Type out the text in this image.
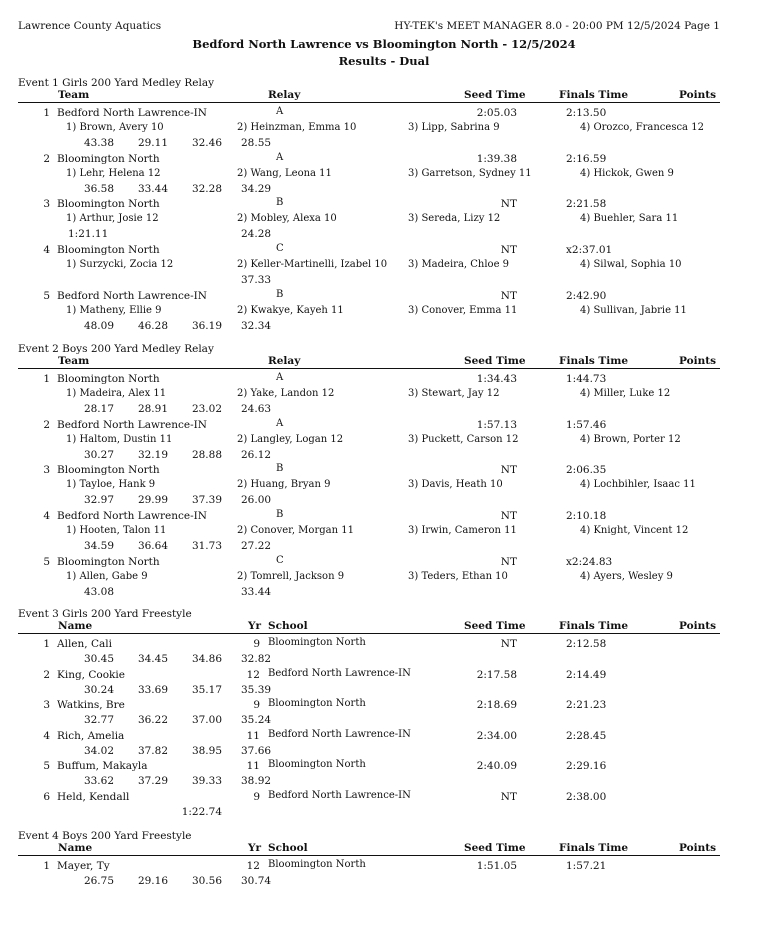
Lawrence County Aquatics	HY-TEK's MEET MANAGER 8.0 - 20:00 PM 12/5/2024 Page 1
Bedford North Lawrence vs Bloomington North - 12/5/2024
Results - Dual
Event 1 Girls 200 Yard Medley Relay
Team	Relay	Seed Time	Finals Time	Points
1 Bedford North Lawrence-IN	A	2:05.03	2:13.50
1) Brown, Avery 10	2) Heinzman, Emma 10	3) Lipp, Sabrina 9	4) Orozco, Francesca 12
43.38	29.11	32.46 28.55
2 Bloomington North	A	1:39.38	2:16.59
1) Lehr, Helena 12	2) Wang, Leona 11	3) Garretson, Sydney 11	4) Hickok, Gwen 9
36.58	33.44	32.28 34.29
3 Bloomington North	B	NT	2:21.58
1) Arthur, Josie 12	2) Mobley, Alexa 10	3) Sereda, Lizy 12	4) Buehler, Sara 11
1:21.11	24.28
4 Bloomington North	C	NT	x2:37.01
1) Surzycki, Zocia 12	2) Keller-Martinelli, Izabel 10 3) Madeira, Chloe 9	4) Silwal, Sophia 10
37.33
5 Bedford North Lawrence-IN	B	NT	2:42.90
1) Matheny, Ellie 9	2) Kwakye, Kayeh 11	3) Conover, Emma 11	4) Sullivan, Jabrie 11
48.09	46.28	36.19 32.34
Event 2 Boys 200 Yard Medley Relay
Team	Relay	Seed Time	Finals Time	Points
1 Bloomington North	A	1:34.43	1:44.73
1) Madeira, Alex 11	2) Yake, Landon 12	3) Stewart, Jay 12	4) Miller, Luke 12
28.17	28.91	23.02 24.63
2 Bedford North Lawrence-IN	A	1:57.13	1:57.46
1) Haltom, Dustin 11	2) Langley, Logan 12	3) Puckett, Carson 12	4) Brown, Porter 12
30.27	32.19	28.88 26.12
3 Bloomington North	B	NT	2:06.35
1) Tayloe, Hank 9	2) Huang, Bryan 9	3) Davis, Heath 10	4) Lochbihler, Isaac 11
32.97	29.99	37.39 26.00
4 Bedford North Lawrence-IN	B	NT	2:10.18
1) Hooten, Talon 11	2) Conover, Morgan 11	3) Irwin, Cameron 11	4) Knight, Vincent 12
34.59	36.64	31.73 27.22
5 Bloomington North	C	NT	x2:24.83
1) Allen, Gabe 9	2) Tomrell, Jackson 9	3) Teders, Ethan 10	4) Ayers, Wesley 9
43.08	33.44
Event 3 Girls 200 Yard Freestyle
Name	Yr School	Seed Time	Finals Time	Points
1 Allen, Cali	9 Bloomington North	NT	2:12.58
30.45	34.45	34.86 32.82
2 King, Cookie	12 Bedford North Lawrence-IN	2:17.58	2:14.49
30.24	33.69	35.17 35.39
3 Watkins, Bre	9 Bloomington North	2:18.69	2:21.23
32.77	36.22	37.00 35.24
4 Rich, Amelia	11 Bedford North Lawrence-IN	2:34.00	2:28.45
34.02	37.82	38.95 37.66
5 Buffum, Makayla	11 Bloomington North	2:40.09	2:29.16
33.62	37.29	39.33 38.92
6 Held, Kendall	9 Bedford North Lawrence-IN	NT	2:38.00
1:22.74
Event 4 Boys 200 Yard Freestyle
Name	Yr School	Seed Time	Finals Time	Points
1 Mayer, Ty	12 Bloomington North	1:51.05	1:57.21
26.75	29.16	30.56 30.74
